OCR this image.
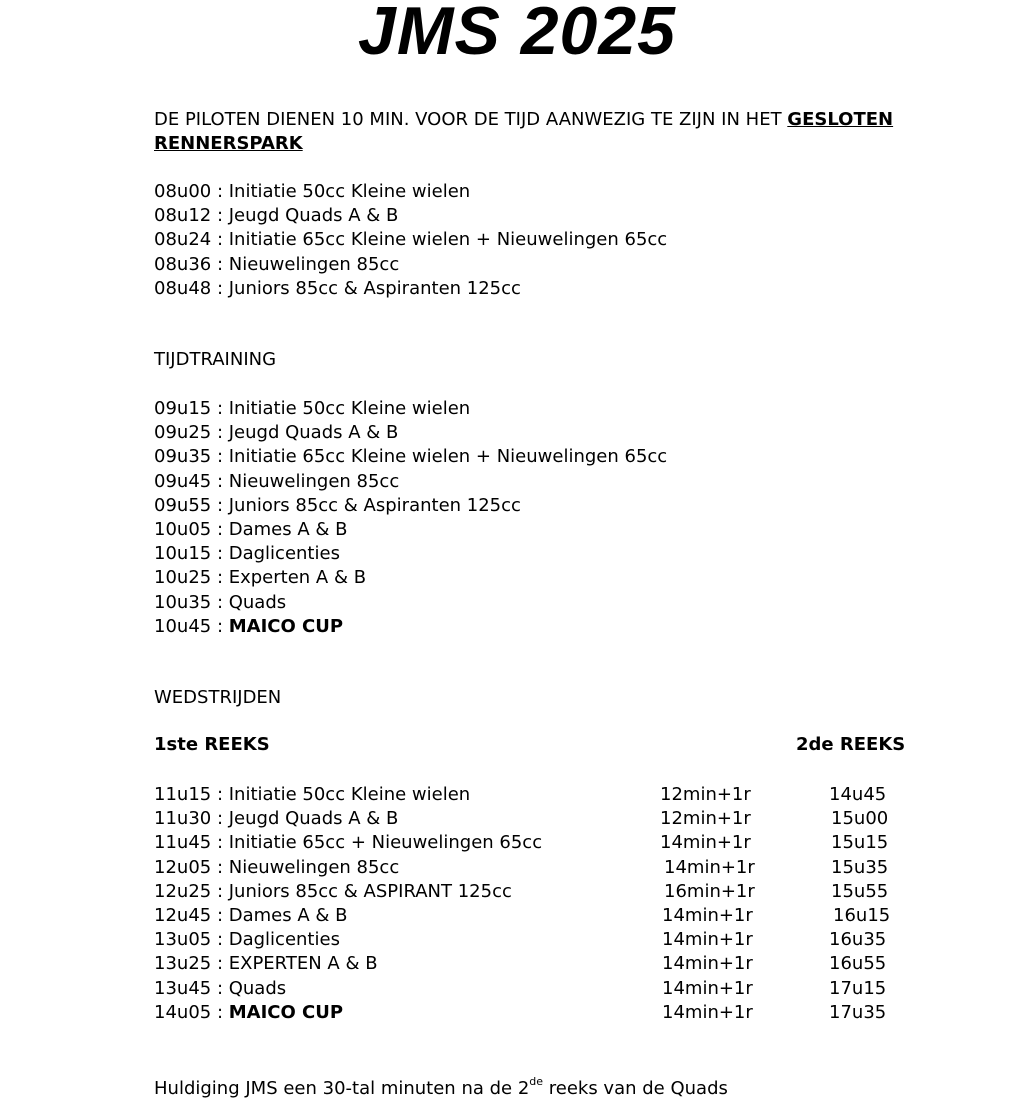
JMS 2025
DE PILOTEN DIENEN 10 MIN. VOOR DE TIJD AANWEZIG TE ZIJN IN HET GESLOTEN RENNERSPARK
08u00 : Initiatie 50cc Kleine wielen
08u12 : Jeugd Quads A & B
08u24 : Initiatie 65cc Kleine wielen + Nieuwelingen 65cc
08u36 : Nieuwelingen 85cc
08u48 : Juniors 85cc & Aspiranten 125cc
TIJDTRAINING
09u15 : Initiatie 50cc Kleine wielen
09u25 : Jeugd Quads A & B
09u35 : Initiatie 65cc Kleine wielen + Nieuwelingen 65cc
09u45 : Nieuwelingen 85cc
09u55 : Juniors 85cc & Aspiranten 125cc
10u05 : Dames A & B
10u15 : Daglicenties
10u25 : Experten A & B
10u35 : Quads
10u45 : MAICO CUP
WEDSTRIJDEN
1ste REEKS	2de REEKS
11u15 : Initiatie 50cc Kleine wielen	12min+1r	14u45
11u30 : Jeugd Quads A & B	12min+1r	15u00
11u45 : Initiatie 65cc + Nieuwelingen 65cc	14min+1r	15u15
12u05 : Nieuwelingen 85cc	14min+1r	15u35
12u25 : Juniors 85cc & ASPIRANT 125cc	16min+1r	15u55
12u45 : Dames A & B	14min+1r	16u15
13u05 : Daglicenties	14min+1r	16u35
13u25 : EXPERTEN A & B	14min+1r	16u55
13u45 : Quads	14min+1r	17u15
14u05 : MAICO CUP	14min+1r	17u35
Huldiging JMS een 30-tal minuten na de 2de reeks van de Quads
